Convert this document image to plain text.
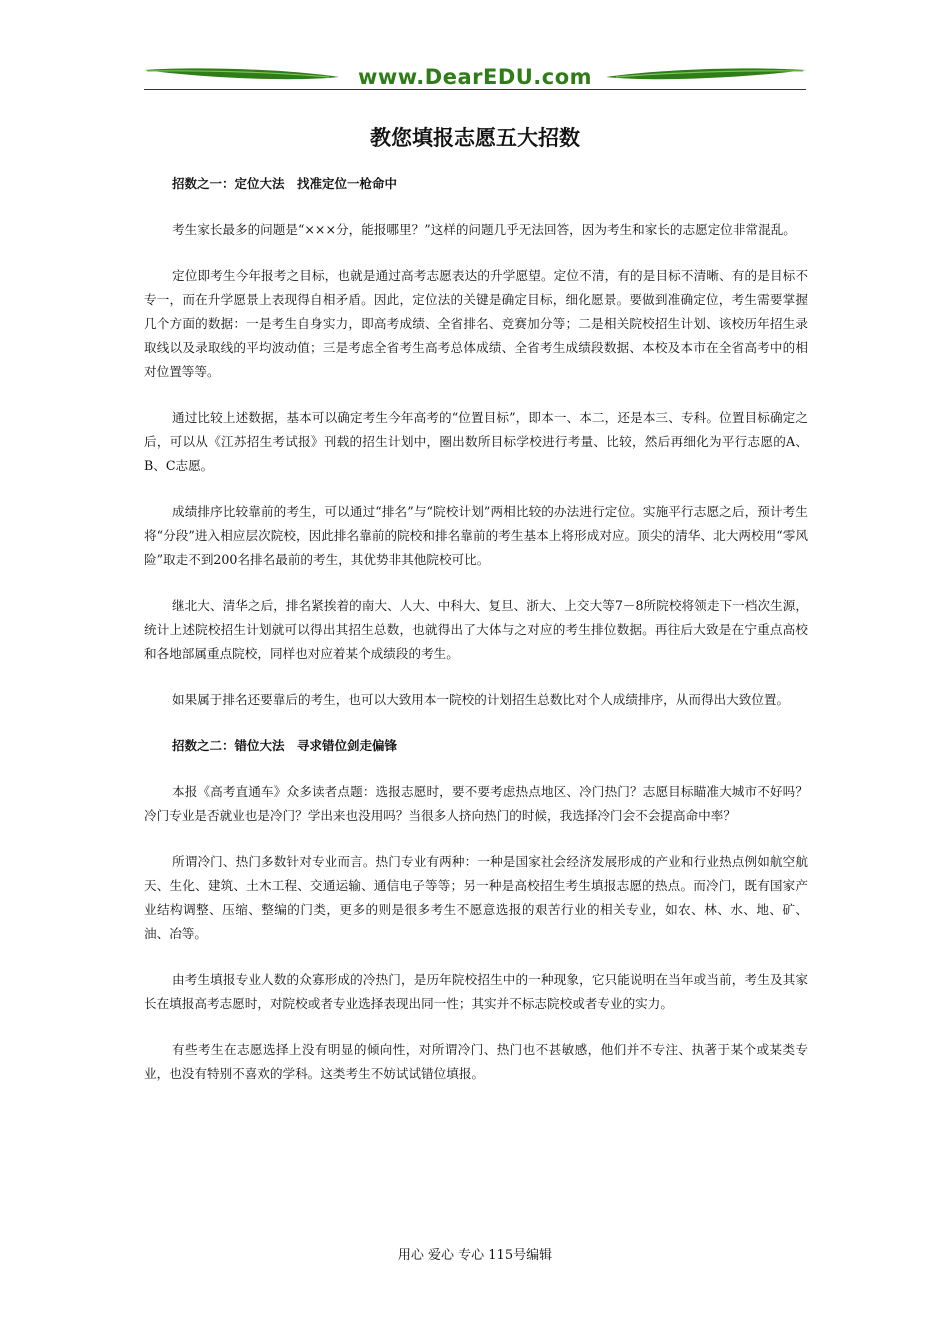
www.DearEDU.com
教您填报志愿五大招数
招数之一：定位大法　找准定位一枪命中

考生家长最多的问题是“×××分，能报哪里？”这样的问题几乎无法回答，因为考生和家长的志愿定位非常混乱。

定位即考生今年报考之目标，也就是通过高考志愿表达的升学愿望。定位不清，有的是目标不清晰、有的是目标不专一，而在升学愿景上表现得自相矛盾。因此，定位法的关键是确定目标，细化愿景。要做到准确定位，考生需要掌握几个方面的数据：一是考生自身实力，即高考成绩、全省排名、竞赛加分等；二是相关院校招生计划、该校历年招生录取线以及录取线的平均波动值；三是考虑全省考生高考总体成绩、全省考生成绩段数据、本校及本市在全省高考中的相对位置等等。

通过比较上述数据，基本可以确定考生今年高考的“位置目标”，即本一、本二，还是本三、专科。位置目标确定之后，可以从《江苏招生考试报》刊载的招生计划中，圈出数所目标学校进行考量、比较，然后再细化为平行志愿的A、B、C志愿。

成绩排序比较靠前的考生，可以通过“排名”与“院校计划”两相比较的办法进行定位。实施平行志愿之后，预计考生将“分段”进入相应层次院校，因此排名靠前的院校和排名靠前的考生基本上将形成对应。顶尖的清华、北大两校用“零风险”取走不到200名排名最前的考生，其优势非其他院校可比。

继北大、清华之后，排名紧挨着的南大、人大、中科大、复旦、浙大、上交大等7－8所院校将领走下一档次生源，统计上述院校招生计划就可以得出其招生总数，也就得出了大体与之对应的考生排位数据。再往后大致是在宁重点高校和各地部属重点院校，同样也对应着某个成绩段的考生。

如果属于排名还要靠后的考生，也可以大致用本一院校的计划招生总数比对个人成绩排序，从而得出大致位置。

招数之二：错位大法　寻求错位剑走偏锋

本报《高考直通车》众多读者点题：选报志愿时，要不要考虑热点地区、冷门热门？志愿目标瞄准大城市不好吗？冷门专业是否就业也是冷门？学出来也没用吗？当很多人挤向热门的时候，我选择冷门会不会提高命中率？

所谓冷门、热门多数针对专业而言。热门专业有两种：一种是国家社会经济发展形成的产业和行业热点例如航空航天、生化、建筑、土木工程、交通运输、通信电子等等；另一种是高校招生考生填报志愿的热点。而冷门，既有国家产业结构调整、压缩、整编的门类，更多的则是很多考生不愿意选报的艰苦行业的相关专业，如农、林、水、地、矿、油、冶等。

由考生填报专业人数的众寡形成的冷热门，是历年院校招生中的一种现象，它只能说明在当年或当前，考生及其家长在填报高考志愿时，对院校或者专业选择表现出同一性；其实并不标志院校或者专业的实力。

有些考生在志愿选择上没有明显的倾向性，对所谓冷门、热门也不甚敏感，他们并不专注、执著于某个或某类专业，也没有特别不喜欢的学科。这类考生不妨试试错位填报。

用心 爱心 专心 115号编辑
